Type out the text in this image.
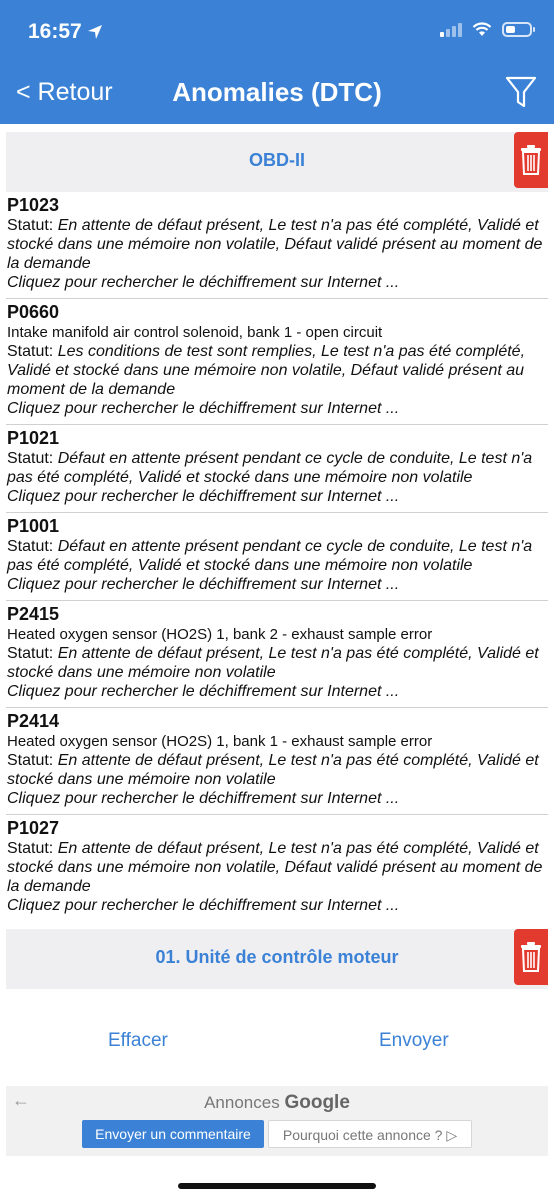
16:57
< Retour	Anomalies (DTC)
OBD-II
P1023
Statut: En attente de défaut présent, Le test n'a pas été complété, Validé et stocké dans une mémoire non volatile, Défaut validé présent au moment de la demande
Cliquez pour rechercher le déchiffrement sur Internet ...
P0660
Intake manifold air control solenoid, bank 1 - open circuit
Statut: Les conditions de test sont remplies, Le test n'a pas été complété, Validé et stocké dans une mémoire non volatile, Défaut validé présent au moment de la demande
Cliquez pour rechercher le déchiffrement sur Internet ...
P1021
Statut: Défaut en attente présent pendant ce cycle de conduite, Le test n'a pas été complété, Validé et stocké dans une mémoire non volatile
Cliquez pour rechercher le déchiffrement sur Internet ...
P1001
Statut: Défaut en attente présent pendant ce cycle de conduite, Le test n'a pas été complété, Validé et stocké dans une mémoire non volatile
Cliquez pour rechercher le déchiffrement sur Internet ...
P2415
Heated oxygen sensor (HO2S) 1, bank 2 - exhaust sample error
Statut: En attente de défaut présent, Le test n'a pas été complété, Validé et stocké dans une mémoire non volatile
Cliquez pour rechercher le déchiffrement sur Internet ...
P2414
Heated oxygen sensor (HO2S) 1, bank 1 - exhaust sample error
Statut: En attente de défaut présent, Le test n'a pas été complété, Validé et stocké dans une mémoire non volatile
Cliquez pour rechercher le déchiffrement sur Internet ...
P1027
Statut: En attente de défaut présent, Le test n'a pas été complété, Validé et stocké dans une mémoire non volatile, Défaut validé présent au moment de la demande
Cliquez pour rechercher le déchiffrement sur Internet ...
01. Unité de contrôle moteur
Effacer	Envoyer
←	Annonces Google
Envoyer un commentaire	Pourquoi cette annonce ? ▷
